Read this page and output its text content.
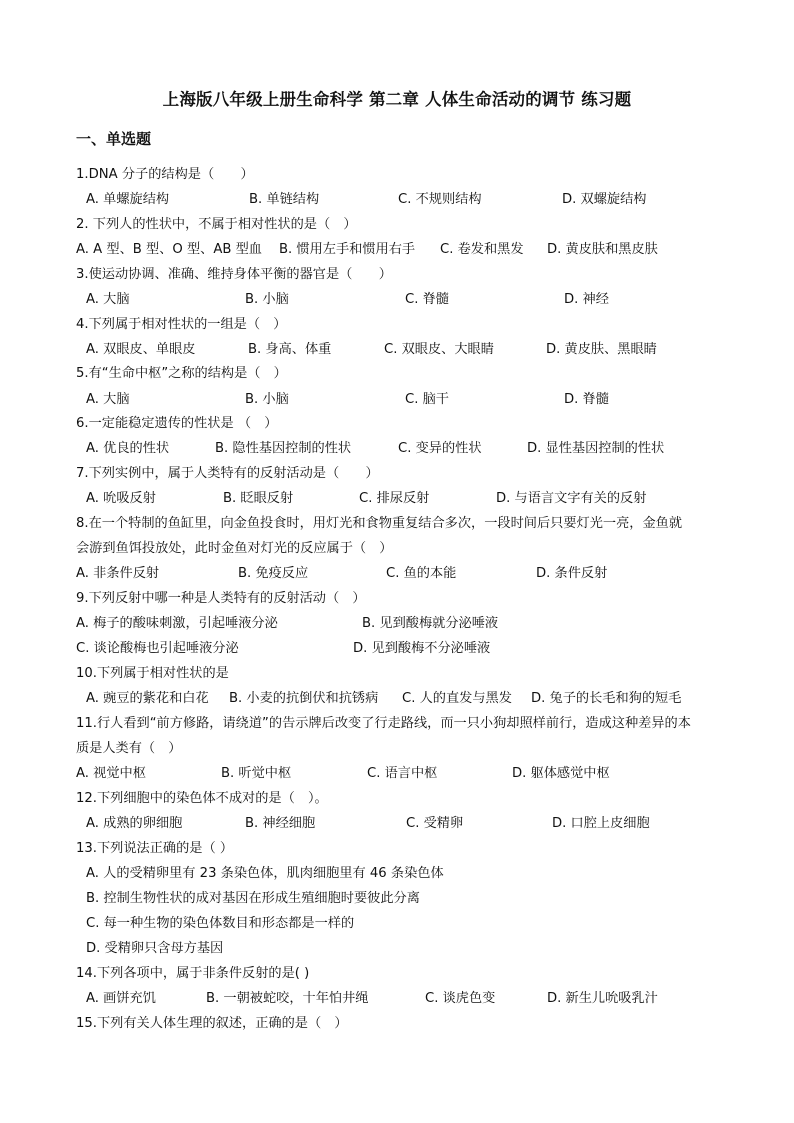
上海版八年级上册生命科学 第二章 人体生命活动的调节 练习题
一、单选题
1.DNA 分子的结构是（　　）
A. 单螺旋结构	B. 单链结构	C. 不规则结构	D. 双螺旋结构
2. 下列人的性状中，不属于相对性状的是（　）
A. A 型、B 型、O 型、AB 型血 B. 惯用左手和惯用右手 C. 卷发和黑发 D. 黄皮肤和黑皮肤
3.使运动协调、准确、维持身体平衡的器官是（　　）
A. 大脑	B. 小脑	C. 脊髓	D. 神经
4.下列属于相对性状的一组是（　）
A. 双眼皮、单眼皮	B. 身高、体重	C. 双眼皮、大眼睛	D. 黄皮肤、黑眼睛
5.有“生命中枢”之称的结构是（　）
A. 大脑	B. 小脑	C. 脑干	D. 脊髓
6.一定能稳定遗传的性状是 （　）
A. 优良的性状	B. 隐性基因控制的性状	C. 变异的性状	D. 显性基因控制的性状
7.下列实例中，属于人类特有的反射活动是（　　）
A. 吮吸反射	B. 眨眼反射	C. 排尿反射	D. 与语言文字有关的反射
8.在一个特制的鱼缸里，向金鱼投食时，用灯光和食物重复结合多次，一段时间后只要灯光一亮，金鱼就
会游到鱼饵投放处，此时金鱼对灯光的反应属于（　）
A. 非条件反射	B. 免疫反应	C. 鱼的本能	D. 条件反射
9.下列反射中哪一种是人类特有的反射活动（　）
A. 梅子的酸味刺激，引起唾液分泌	B. 见到酸梅就分泌唾液
C. 谈论酸梅也引起唾液分泌	D. 见到酸梅不分泌唾液
10.下列属于相对性状的是
A. 豌豆的紫花和白花 B. 小麦的抗倒伏和抗锈病 C. 人的直发与黑发 D. 兔子的长毛和狗的短毛
11.行人看到“前方修路，请绕道”的告示牌后改变了行走路线，而一只小狗却照样前行，造成这种差异的本
质是人类有（　）
A. 视觉中枢	B. 听觉中枢	C. 语言中枢	D. 躯体感觉中枢
12.下列细胞中的染色体不成对的是（　）。
A. 成熟的卵细胞	B. 神经细胞	C. 受精卵	D. 口腔上皮细胞
13.下列说法正确的是（ ）
A. 人的受精卵里有 23 条染色体，肌肉细胞里有 46 条染色体
B. 控制生物性状的成对基因在形成生殖细胞时要彼此分离
C. 每一种生物的染色体数目和形态都是一样的
D. 受精卵只含母方基因
14.下列各项中，属于非条件反射的是( )
A. 画饼充饥	B. 一朝被蛇咬，十年怕井绳	C. 谈虎色变	D. 新生儿吮吸乳汁
15.下列有关人体生理的叙述，正确的是（　）
